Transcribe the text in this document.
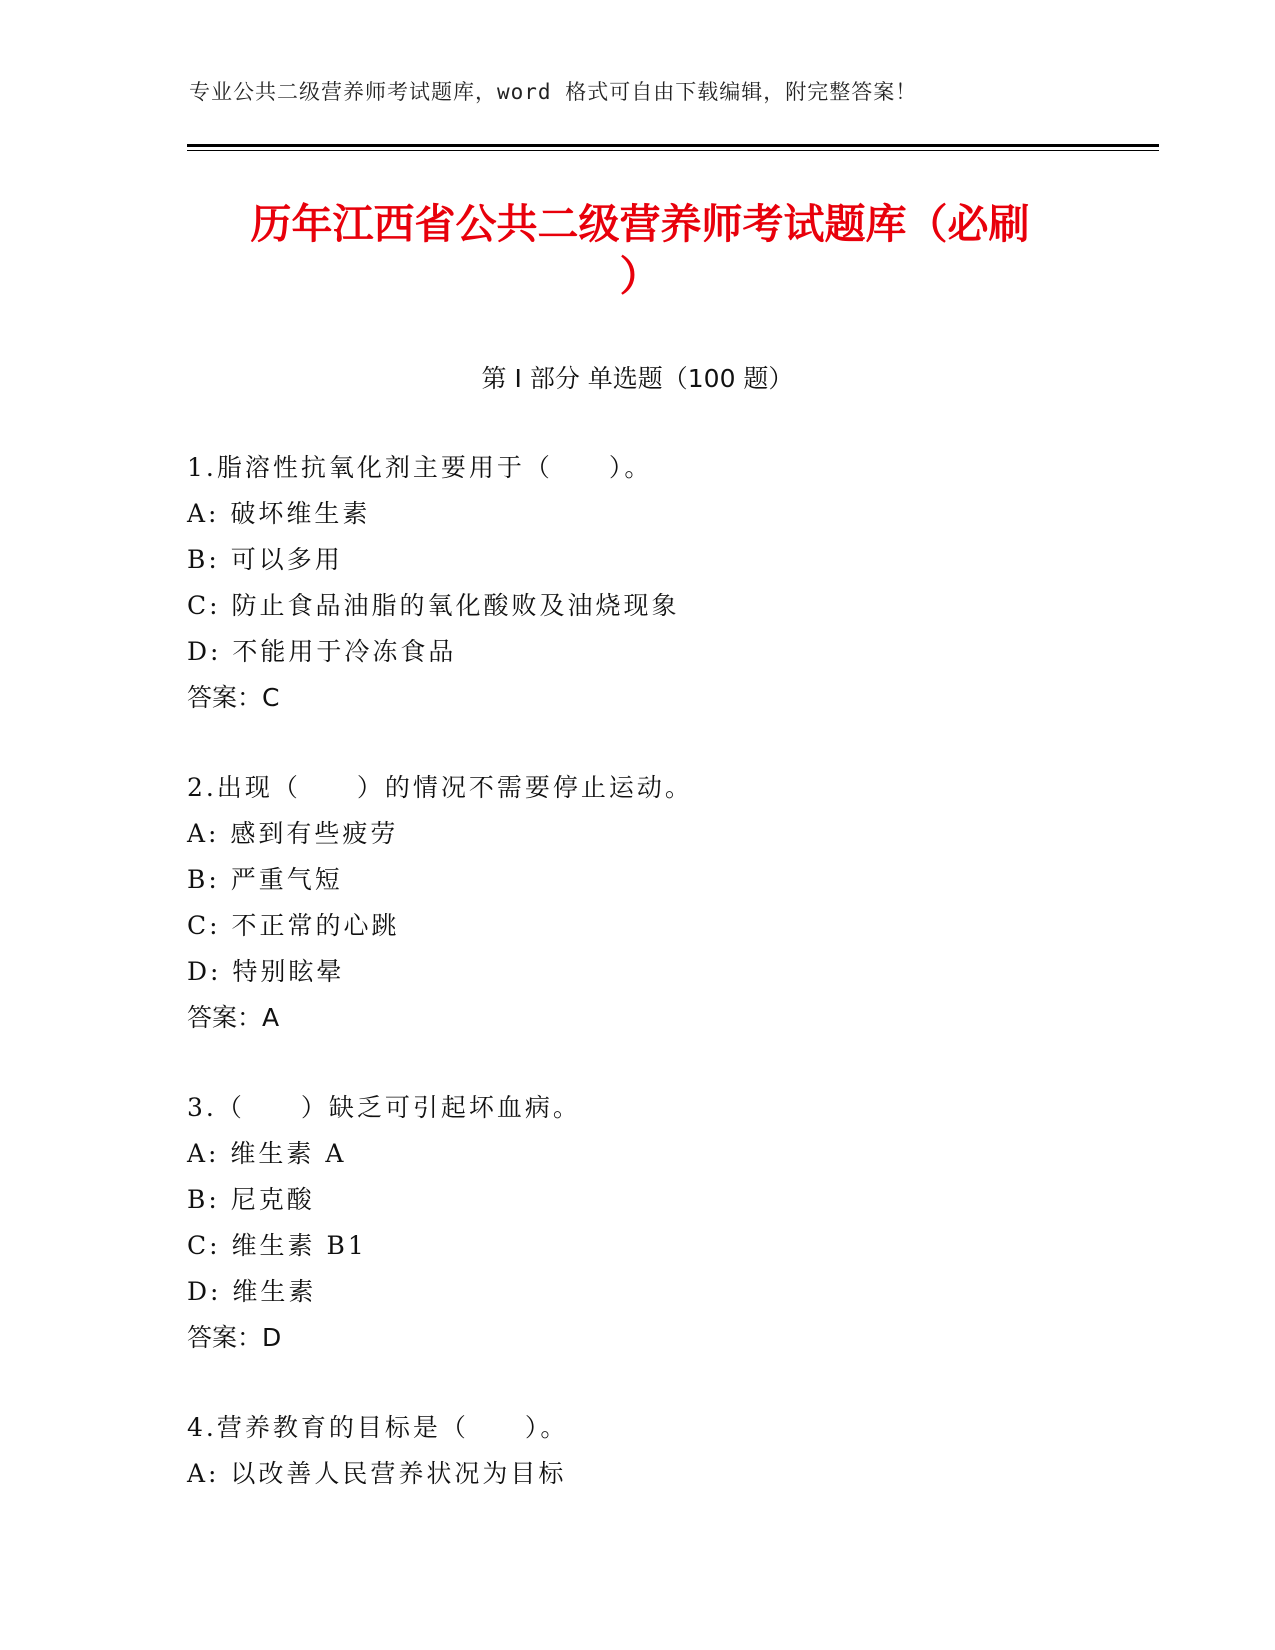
专业公共二级营养师考试题库，word 格式可自由下载编辑，附完整答案！
历年江西省公共二级营养师考试题库（必刷
）
第 I 部分 单选题（100 题）
1.脂溶性抗氧化剂主要用于（　　）。
A: 破坏维生素
B: 可以多用
C: 防止食品油脂的氧化酸败及油烧现象
D: 不能用于冷冻食品
答案：C
2.出现（　　）的情况不需要停止运动。
A: 感到有些疲劳
B: 严重气短
C: 不正常的心跳
D: 特别眩晕
答案：A
3.（　　）缺乏可引起坏血病。
A: 维生素 A
B: 尼克酸
C: 维生素 B1
D: 维生素
答案：D
4.营养教育的目标是（　　）。
A: 以改善人民营养状况为目标
